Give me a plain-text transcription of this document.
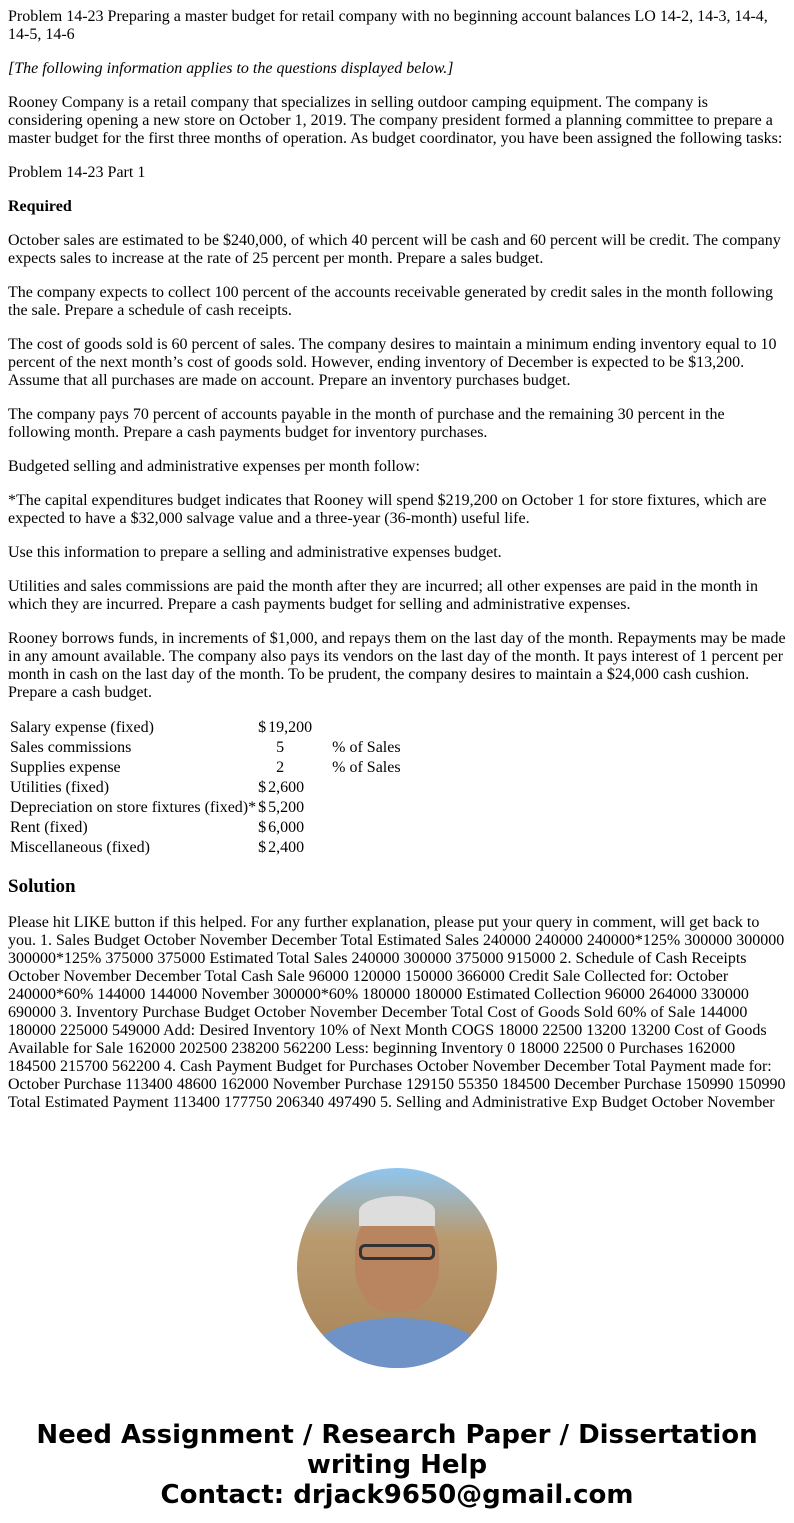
Problem 14-23 Preparing a master budget for retail company with no beginning account balances LO 14-2, 14-3, 14-4, 14-5, 14-6

[The following information applies to the questions displayed below.]

Rooney Company is a retail company that specializes in selling outdoor camping equipment. The company is considering opening a new store on October 1, 2019. The company president formed a planning committee to prepare a master budget for the first three months of operation. As budget coordinator, you have been assigned the following tasks:

Problem 14-23 Part 1

Required

October sales are estimated to be $240,000, of which 40 percent will be cash and 60 percent will be credit. The company expects sales to increase at the rate of 25 percent per month. Prepare a sales budget.

The company expects to collect 100 percent of the accounts receivable generated by credit sales in the month following the sale. Prepare a schedule of cash receipts.

The cost of goods sold is 60 percent of sales. The company desires to maintain a minimum ending inventory equal to 10 percent of the next month’s cost of goods sold. However, ending inventory of December is expected to be $13,200. Assume that all purchases are made on account. Prepare an inventory purchases budget.

The company pays 70 percent of accounts payable in the month of purchase and the remaining 30 percent in the following month. Prepare a cash payments budget for inventory purchases.

Budgeted selling and administrative expenses per month follow:

*The capital expenditures budget indicates that Rooney will spend $219,200 on October 1 for store fixtures, which are expected to have a $32,000 salvage value and a three-year (36-month) useful life.

Use this information to prepare a selling and administrative expenses budget.

Utilities and sales commissions are paid the month after they are incurred; all other expenses are paid in the month in which they are incurred. Prepare a cash payments budget for selling and administrative expenses.

Rooney borrows funds, in increments of $1,000, and repays them on the last day of the month. Repayments may be made in any amount available. The company also pays its vendors on the last day of the month. It pays interest of 1 percent per month in cash on the last day of the month. To be prudent, the company desires to maintain a $24,000 cash cushion. Prepare a cash budget.

Salary expense (fixed)	$	19,200	
Sales commissions		5	% of Sales
Supplies expense		2	% of Sales
Utilities (fixed)	$	2,600	
Depreciation on store fixtures (fixed)*	$	5,200	
Rent (fixed)	$	6,000	
Miscellaneous (fixed)	$	2,400	
Solution

Please hit LIKE button if this helped. For any further explanation, please put your query in comment, will get back to you. 1. Sales Budget October November December Total Estimated Sales 240000 240000 240000*125% 300000 300000 300000*125% 375000 375000 Estimated Total Sales 240000 300000 375000 915000 2. Schedule of Cash Receipts October November December Total Cash Sale 96000 120000 150000 366000 Credit Sale Collected for: October 240000*60% 144000 144000 November 300000*60% 180000 180000 Estimated Collection 96000 264000 330000 690000 3. Inventory Purchase Budget October November December Total Cost of Goods Sold 60% of Sale 144000 180000 225000 549000 Add: Desired Inventory 10% of Next Month COGS 18000 22500 13200 13200 Cost of Goods Available for Sale 162000 202500 238200 562200 Less: beginning Inventory 0 18000 22500 0 Purchases 162000 184500 215700 562200 4. Cash Payment Budget for Purchases October November December Total Payment made for: October Purchase 113400 48600 162000 November Purchase 129150 55350 184500 December Purchase 150990 150990 Total Estimated Payment 113400 177750 206340 497490 5. Selling and Administrative Exp Budget October November

Need Assignment / Research Paper / Dissertation writing Help
Contact: drjack9650@gmail.com
